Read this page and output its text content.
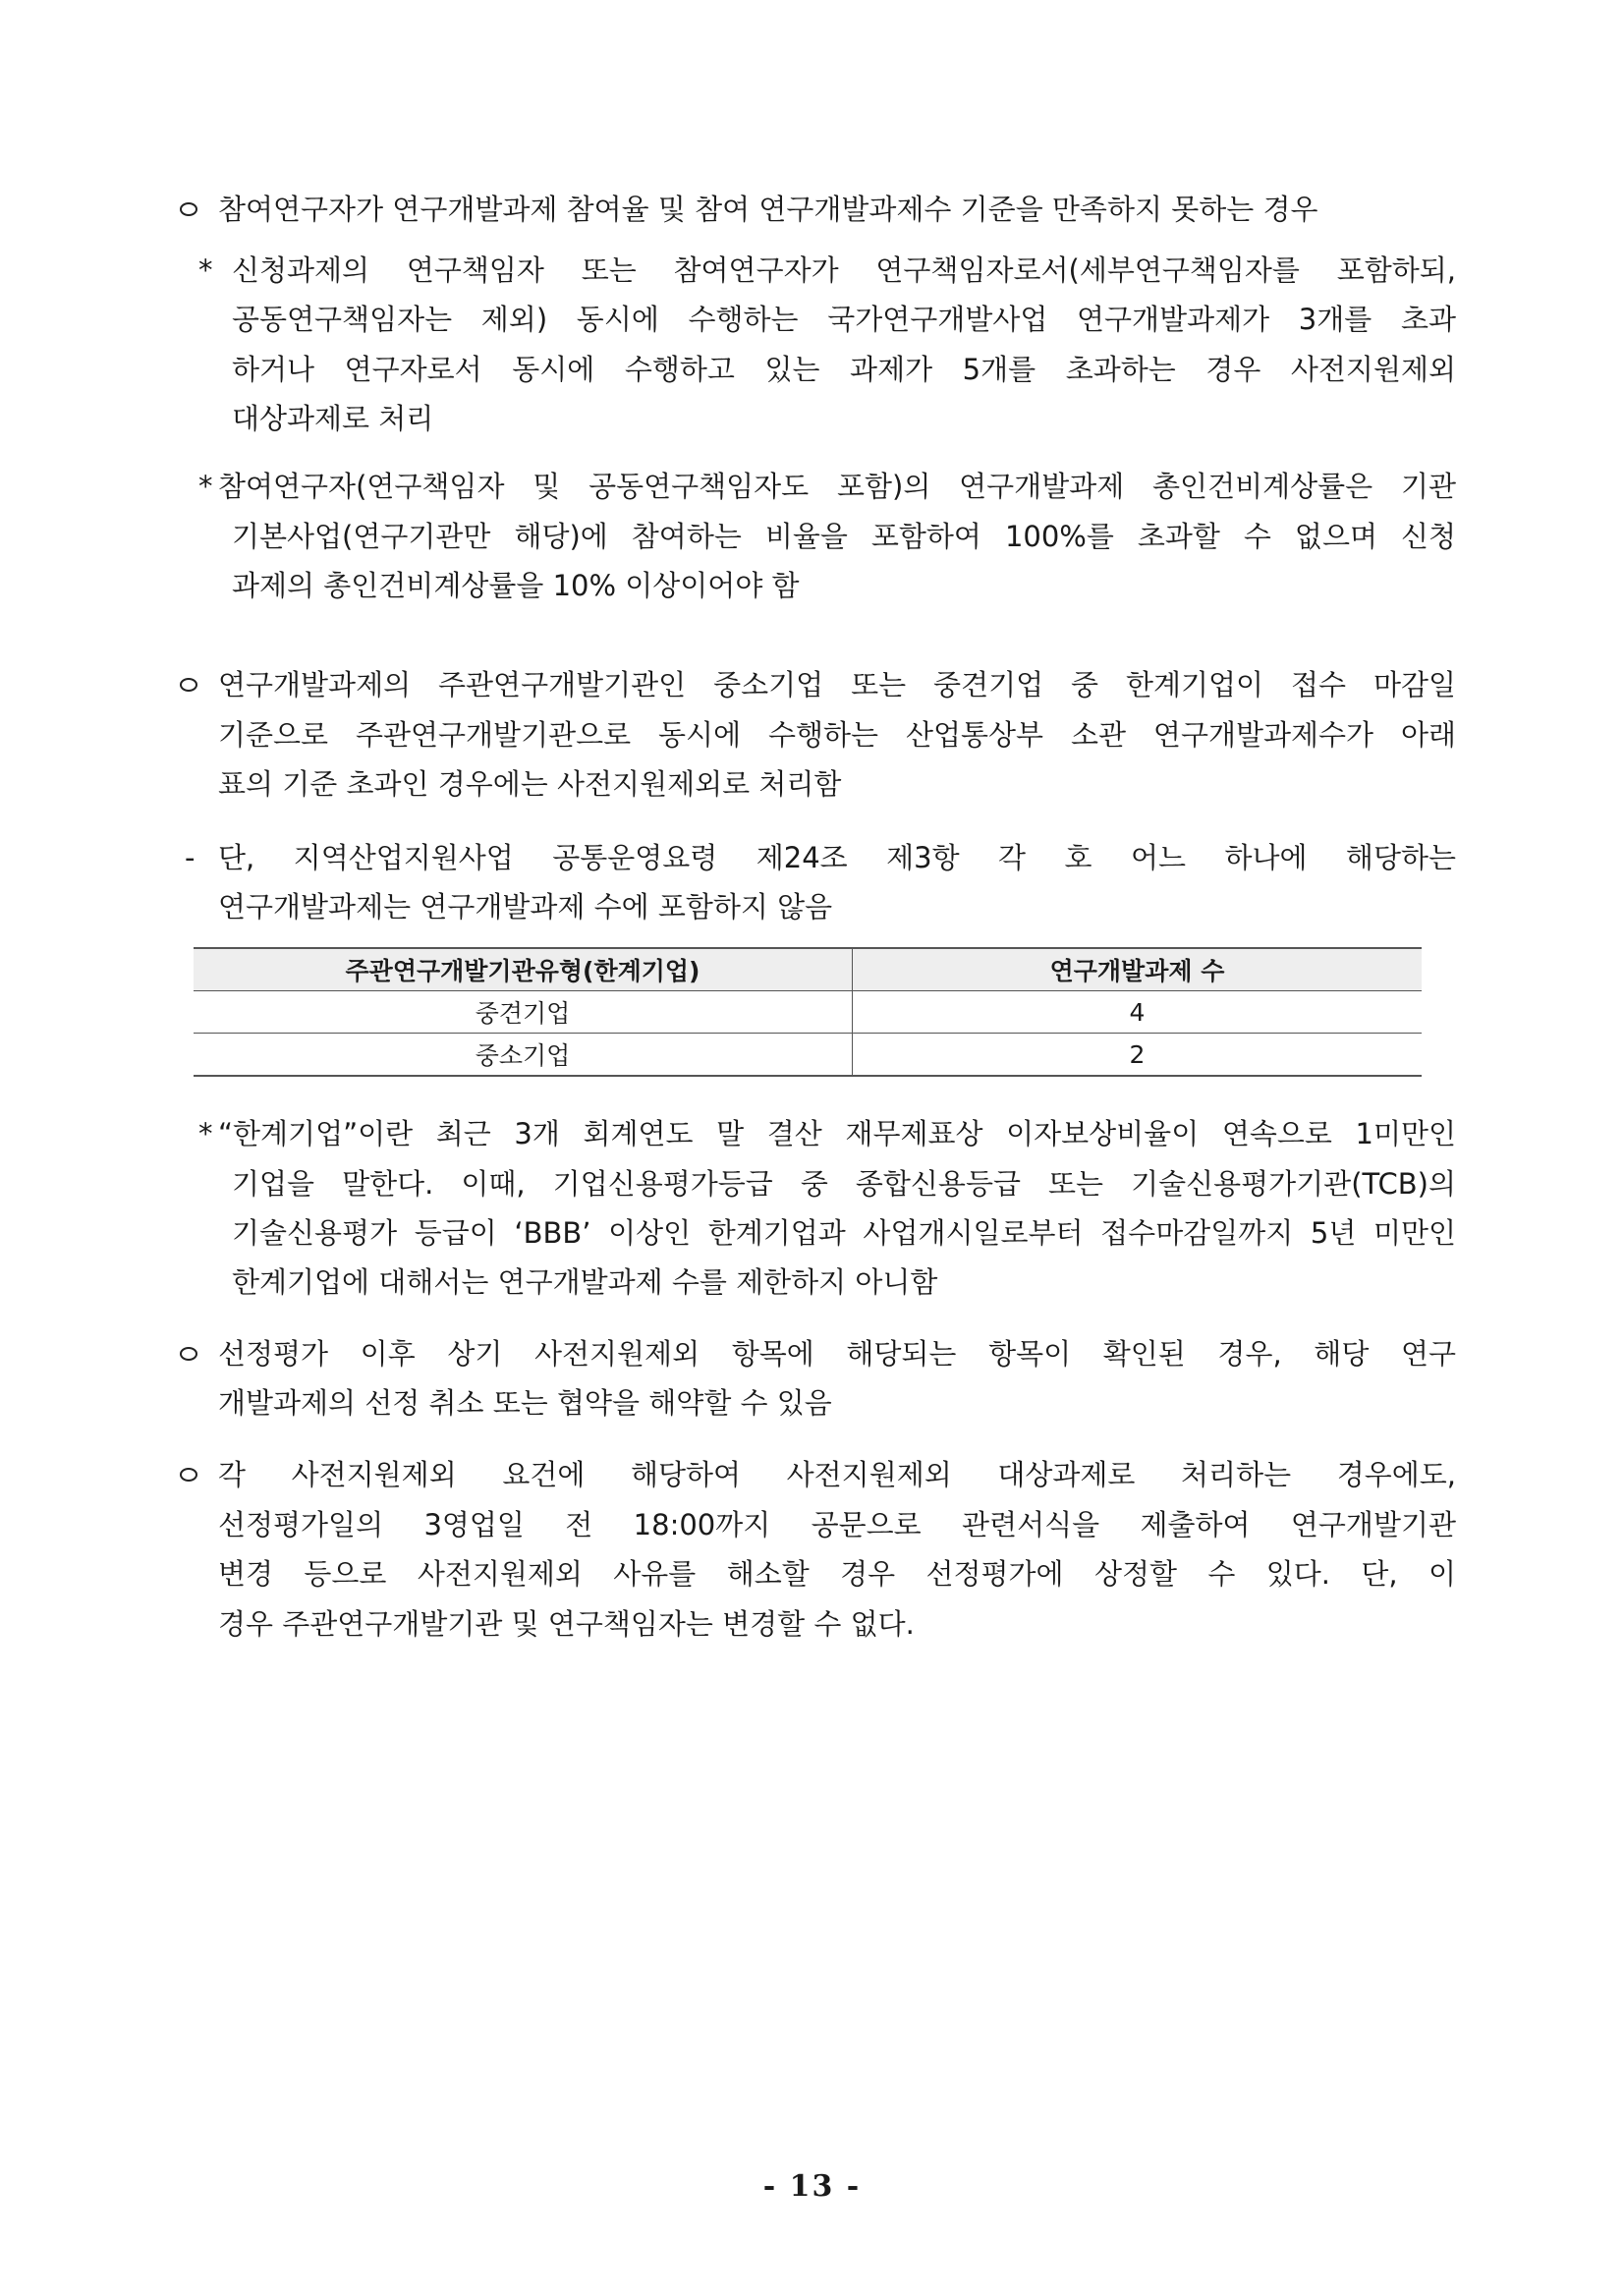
참여연구자가 연구개발과제 참여율 및 참여 연구개발과제수 기준을 만족하지 못하는 경우
* 신청과제의 연구책임자 또는 참여연구자가 연구책임자로서(세부연구책임자를 포함하되,
공동연구책임자는 제외) 동시에 수행하는 국가연구개발사업 연구개발과제가 3개를 초과
하거나 연구자로서 동시에 수행하고 있는 과제가 5개를 초과하는 경우 사전지원제외
대상과제로 처리
* 참여연구자(연구책임자 및 공동연구책임자도 포함)의 연구개발과제 총인건비계상률은 기관
기본사업(연구기관만 해당)에 참여하는 비율을 포함하여 100%를 초과할 수 없으며 신청
과제의 총인건비계상률을 10% 이상이어야 함
연구개발과제의 주관연구개발기관인 중소기업 또는 중견기업 중 한계기업이 접수 마감일
기준으로 주관연구개발기관으로 동시에 수행하는 산업통상부 소관 연구개발과제수가 아래
표의 기준 초과인 경우에는 사전지원제외로 처리함
- 단, 지역산업지원사업 공통운영요령 제24조 제3항 각 호 어느 하나에 해당하는
연구개발과제는 연구개발과제 수에 포함하지 않음
주관연구개발기관유형(한계기업)	연구개발과제 수
중견기업	4
중소기업	2
* “한계기업”이란 최근 3개 회계연도 말 결산 재무제표상 이자보상비율이 연속으로 1미만인
기업을 말한다. 이때, 기업신용평가등급 중 종합신용등급 또는 기술신용평가기관(TCB)의
기술신용평가 등급이 ‘BBB’ 이상인 한계기업과 사업개시일로부터 접수마감일까지 5년 미만인
한계기업에 대해서는 연구개발과제 수를 제한하지 아니함
선정평가 이후 상기 사전지원제외 항목에 해당되는 항목이 확인된 경우, 해당 연구
개발과제의 선정 취소 또는 협약을 해약할 수 있음
각 사전지원제외 요건에 해당하여 사전지원제외 대상과제로 처리하는 경우에도,
선정평가일의 3영업일 전 18:00까지 공문으로 관련서식을 제출하여 연구개발기관
변경 등으로 사전지원제외 사유를 해소할 경우 선정평가에 상정할 수 있다. 단, 이
경우 주관연구개발기관 및 연구책임자는 변경할 수 없다.
- 13 -
